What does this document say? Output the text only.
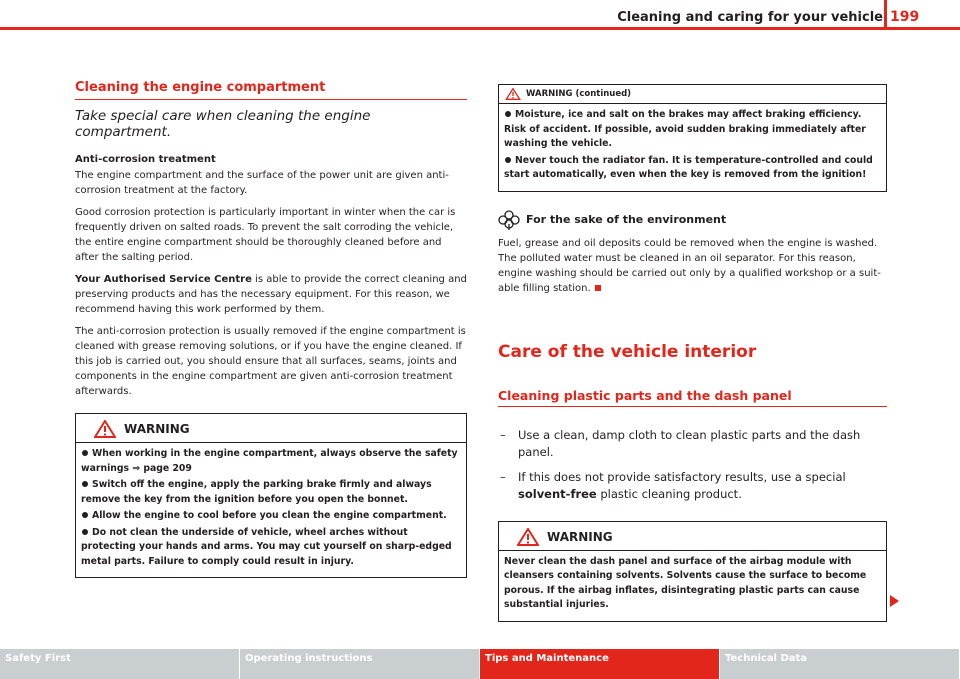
Cleaning and caring for your vehicle 199
Cleaning the engine compartment
Take special care when cleaning the engine compartment.
Anti-corrosion treatment

The engine compartment and the surface of the power unit are given anti-corrosion treatment at the factory.

Good corrosion protection is particularly important in winter when the car is frequently driven on salted roads. To prevent the salt corroding the vehicle, the entire engine compartment should be thoroughly cleaned before and after the salting period.

Your Authorised Service Centre is able to provide the correct cleaning and preserving products and has the necessary equipment. For this reason, we recommend having this work performed by them.

The anti-corrosion protection is usually removed if the engine compartment is cleaned with grease removing solutions, or if you have the engine cleaned. If this job is carried out, you should ensure that all surfaces, seams, joints and components in the engine compartment are given anti-corrosion treatment afterwards.

WARNING
When working in the engine compartment, always observe the safety warnings ⇒ page 209
Switch off the engine, apply the parking brake firmly and always remove the key from the ignition before you open the bonnet.
Allow the engine to cool before you clean the engine compartment.
Do not clean the underside of vehicle, wheel arches without protecting your hands and arms. You may cut yourself on sharp-edged metal parts. Failure to comply could result in injury.
WARNING (continued)
Moisture, ice and salt on the brakes may affect braking efficiency. Risk of accident. If possible, avoid sudden braking immediately after washing the vehicle.
Never touch the radiator fan. It is temperature-controlled and could start automatically, even when the key is removed from the ignition!
For the sake of the environment

Fuel, grease and oil deposits could be removed when the engine is washed. The polluted water must be cleaned in an oil separator. For this reason, engine washing should be carried out only by a qualified workshop or a suit-able filling station.

Care of the vehicle interior
Cleaning plastic parts and the dash panel
–	Use a clean, damp cloth to clean plastic parts and the dash panel.
–	If this does not provide satisfactory results, use a special solvent-free plastic cleaning product.
WARNING
Never clean the dash panel and surface of the airbag module with cleansers containing solvents. Solvents cause the surface to become porous. If the airbag inflates, disintegrating plastic parts can cause substantial injuries.
Safety First	Operating instructions	Tips and Maintenance	Technical Data
